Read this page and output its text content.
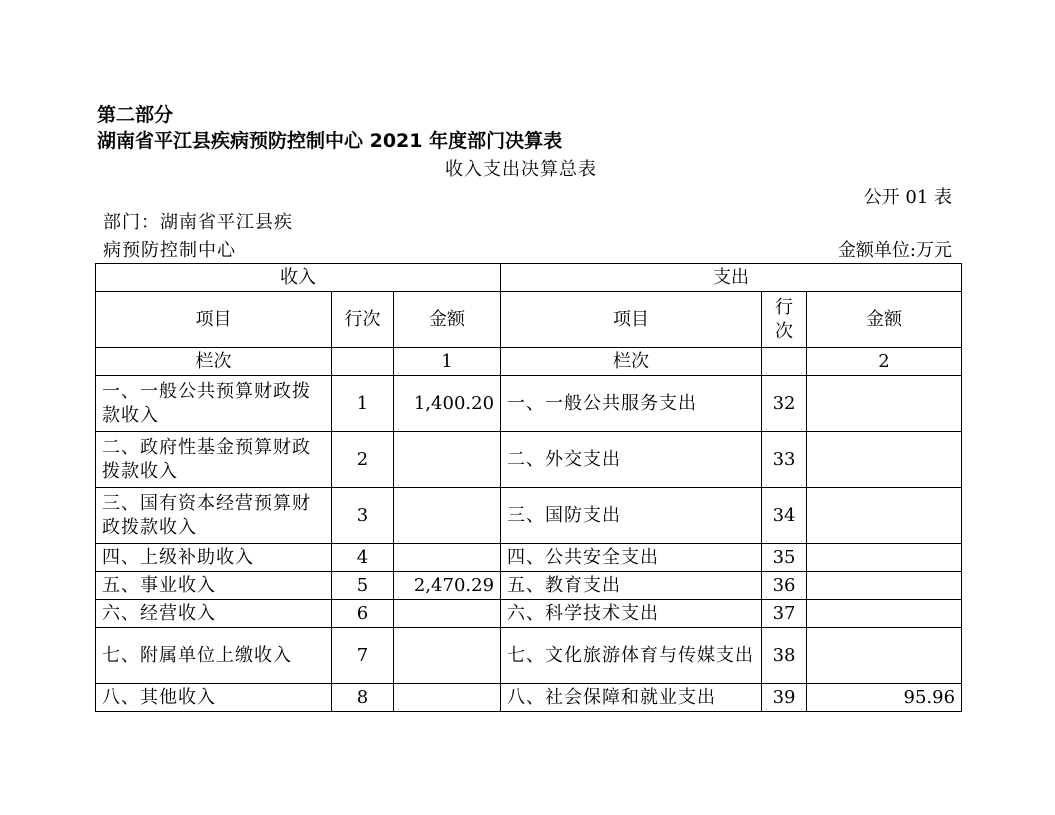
第二部分
湖南省平江县疾病预防控制中心 2021 年度部门决算表
收入支出决算总表
公开 01 表
部门：湖南省平江县疾
病预防控制中心	金额单位:万元
收入			支出		
项目	行次	金额	项目	行次	金额
栏次		1	栏次		2
一、一般公共预算财政拨款收入	1	1,400.20	一、一般公共服务支出	32	
二、政府性基金预算财政拨款收入	2		二、外交支出	33	
三、国有资本经营预算财政拨款收入	3		三、国防支出	34	
四、上级补助收入	4		四、公共安全支出	35	
五、事业收入	5	2,470.29	五、教育支出	36	
六、经营收入	6		六、科学技术支出	37	
七、附属单位上缴收入	7		七、文化旅游体育与传媒支出	38	
八、其他收入	8		八、社会保障和就业支出	39	95.96
